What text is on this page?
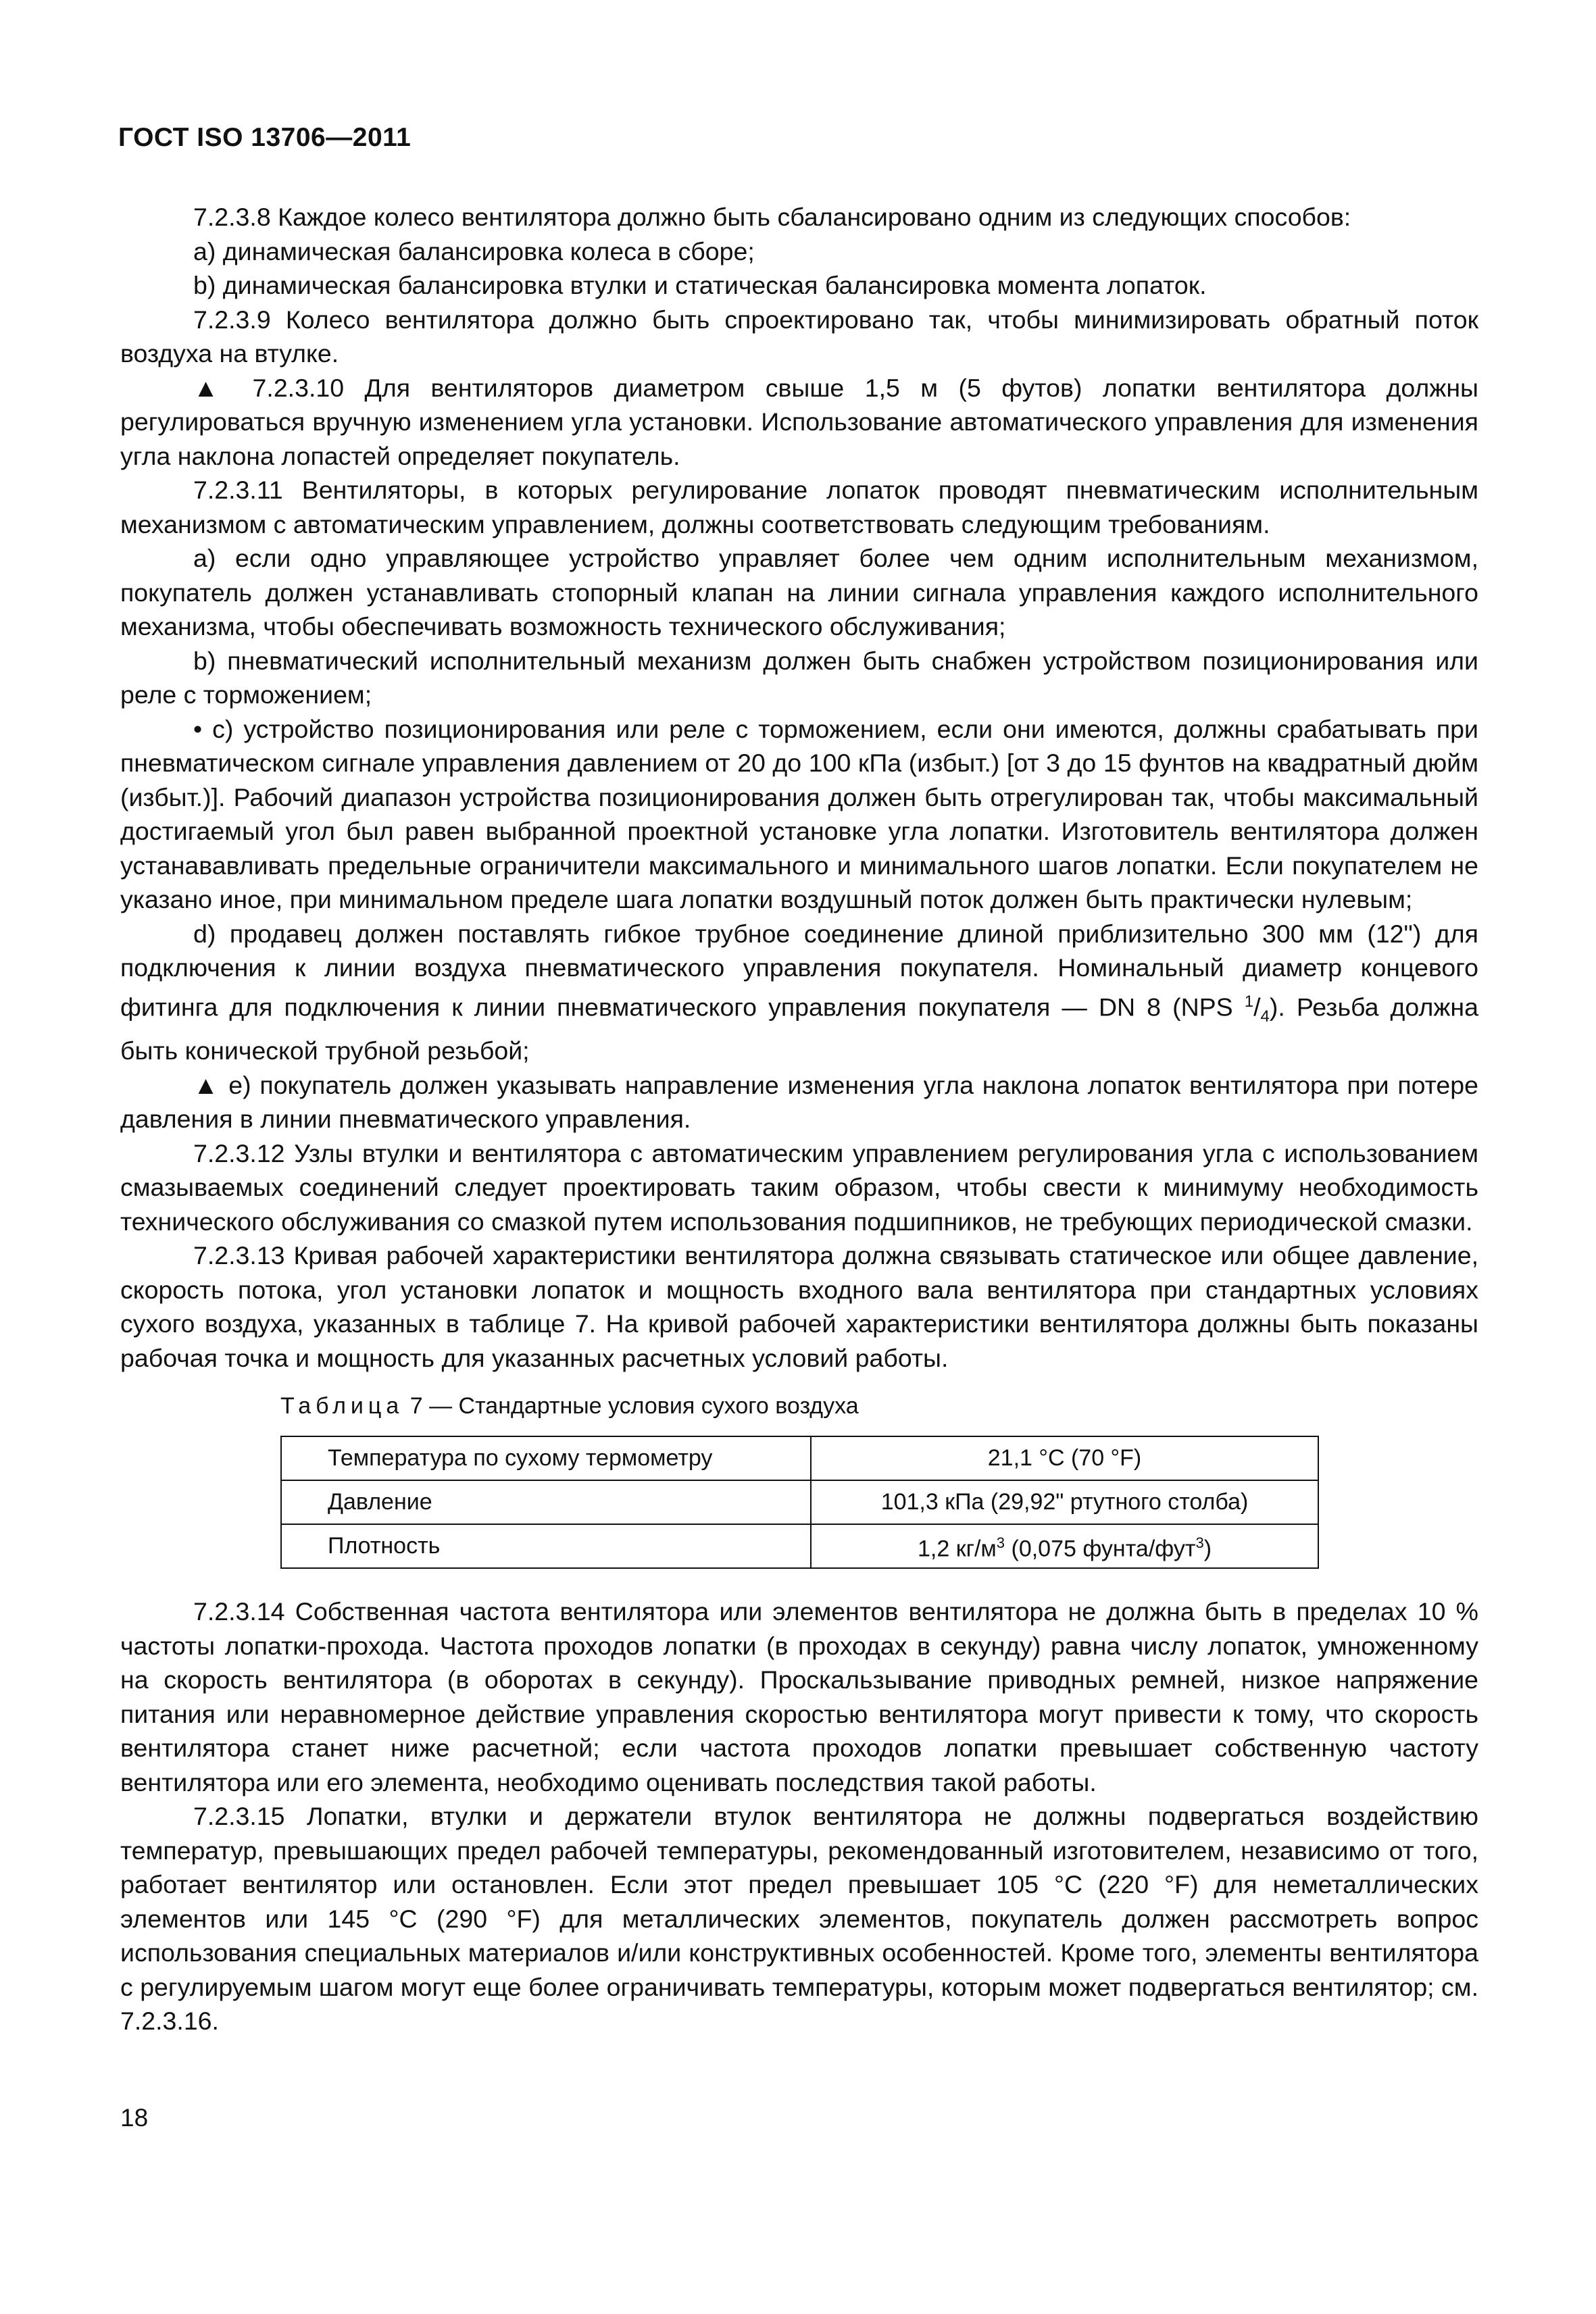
ГОСТ ISO 13706—2011

7.2.3.8 Каждое колесо вентилятора должно быть сбалансировано одним из следующих способов:

а) динамическая балансировка колеса в сборе;

b) динамическая балансировка втулки и статическая балансировка момента лопаток.

7.2.3.9 Колесо вентилятора должно быть спроектировано так, чтобы минимизировать обратный поток воздуха на втулке.

▲ 7.2.3.10 Для вентиляторов диаметром свыше 1,5 м (5 футов) лопатки вентилятора должны регулироваться вручную изменением угла установки. Использование автоматического управления для изменения угла наклона лопастей определяет покупатель.

7.2.3.11 Вентиляторы, в которых регулирование лопаток проводят пневматическим исполнительным механизмом с автоматическим управлением, должны соответствовать следующим требованиям.

а) если одно управляющее устройство управляет более чем одним исполнительным механизмом, покупатель должен устанавливать стопорный клапан на линии сигнала управления каждого исполнительного механизма, чтобы обеспечивать возможность технического обслуживания;

b) пневматический исполнительный механизм должен быть снабжен устройством позиционирования или реле с торможением;

• с) устройство позиционирования или реле с торможением, если они имеются, должны срабатывать при пневматическом сигнале управления давлением от 20 до 100 кПа (избыт.) [от 3 до 15 фунтов на квадратный дюйм (избыт.)]. Рабочий диапазон устройства позиционирования должен быть отрегулирован так, чтобы максимальный достигаемый угол был равен выбранной проектной установке угла лопатки. Изготовитель вентилятора должен устанававливать предельные ограничители максимального и минимального шагов лопатки. Если покупателем не указано иное, при минимальном пределе шага лопатки воздушный поток должен быть практически нулевым;

d) продавец должен поставлять гибкое трубное соединение длиной приблизительно 300 мм (12") для подключения к линии воздуха пневматического управления покупателя. Номинальный диаметр концевого фитинга для подключения к линии пневматического управления покупателя — DN 8 (NPS $^1/_4$). Резьба должна быть конической трубной резьбой;

▲ е) покупатель должен указывать направление изменения угла наклона лопаток вентилятора при потере давления в линии пневматического управления.

7.2.3.12 Узлы втулки и вентилятора с автоматическим управлением регулирования угла с использованием смазываемых соединений следует проектировать таким образом, чтобы свести к минимуму необходимость технического обслуживания со смазкой путем использования подшипников, не требующих периодической смазки.

7.2.3.13 Кривая рабочей характеристики вентилятора должна связывать статическое или общее давление, скорость потока, угол установки лопаток и мощность входного вала вентилятора при стандартных условиях сухого воздуха, указанных в таблице 7. На кривой рабочей характеристики вентилятора должны быть показаны рабочая точка и мощность для указанных расчетных условий работы.

Таблица 7 — Стандартные условия сухого воздуха
Температура по сухому термометру	21,1 °С (70 °F)
Давление	101,3 кПа (29,92" ртутного столба)
Плотность	1,2 $кг/м^3$ (0,075 фунта/фут$^3$)

7.2.3.14 Собственная частота вентилятора или элементов вентилятора не должна быть в пределах 10 % частоты лопатки-прохода. Частота проходов лопатки (в проходах в секунду) равна числу лопаток, умноженному на скорость вентилятора (в оборотах в секунду). Проскальзывание приводных ремней, низкое напряжение питания или неравномерное действие управления скоростью вентилятора могут привести к тому, что скорость вентилятора станет ниже расчетной; если частота проходов лопатки превышает собственную частоту вентилятора или его элемента, необходимо оценивать последствия такой работы.

7.2.3.15 Лопатки, втулки и держатели втулок вентилятора не должны подвергаться воздействию температур, превышающих предел рабочей температуры, рекомендованный изготовителем, независимо от того, работает вентилятор или остановлен. Если этот предел превышает 105 °С (220 °F) для неметаллических элементов или 145 °С (290 °F) для металлических элементов, покупатель должен рассмотреть вопрос использования специальных материалов и/или конструктивных особенностей. Кроме того, элементы вентилятора с регулируемым шагом могут еще более ограничивать температуры, которым может подвергаться вентилятор; см. 7.2.3.16.

18
